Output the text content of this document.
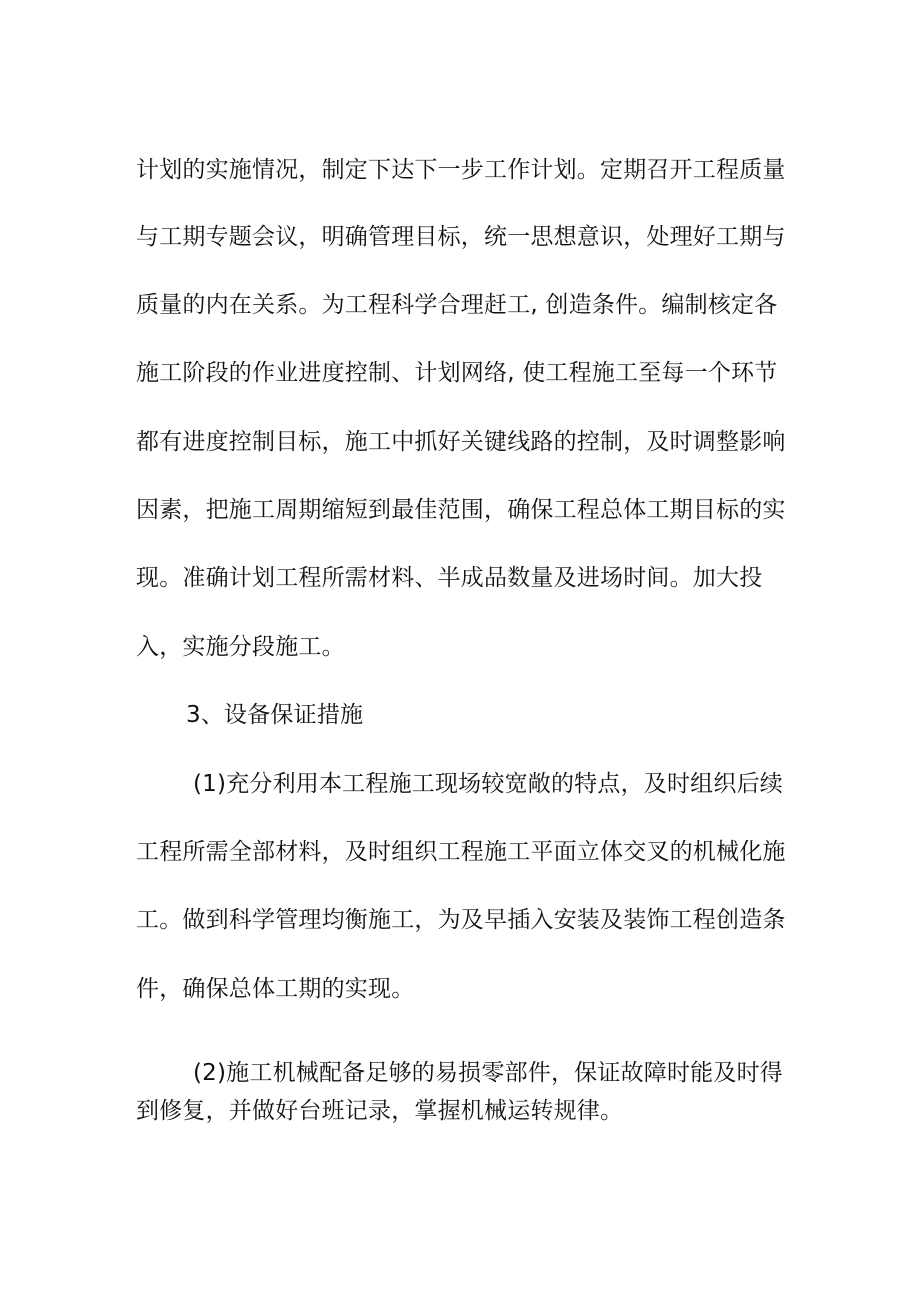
计划的实施情况，制定下达下一步工作计划。定期召开工程质量
与工期专题会议，明确管理目标，统一思想意识，处理好工期与
质量的内在关系。为工程科学合理赶工, 创造条件。编制核定各
施工阶段的作业进度控制、计划网络, 使工程施工至每一个环节
都有进度控制目标，施工中抓好关键线路的控制，及时调整影响
因素，把施工周期缩短到最佳范围，确保工程总体工期目标的实
现。准确计划工程所需材料、半成品数量及进场时间。加大投
入，实施分段施工。
3、设备保证措施
(1)充分利用本工程施工现场较宽敞的特点，及时组织后续
工程所需全部材料，及时组织工程施工平面立体交叉的机械化施
工。做到科学管理均衡施工，为及早插入安装及装饰工程创造条
件，确保总体工期的实现。
(2)施工机械配备足够的易损零部件，保证故障时能及时得
到修复，并做好台班记录，掌握机械运转规律。
